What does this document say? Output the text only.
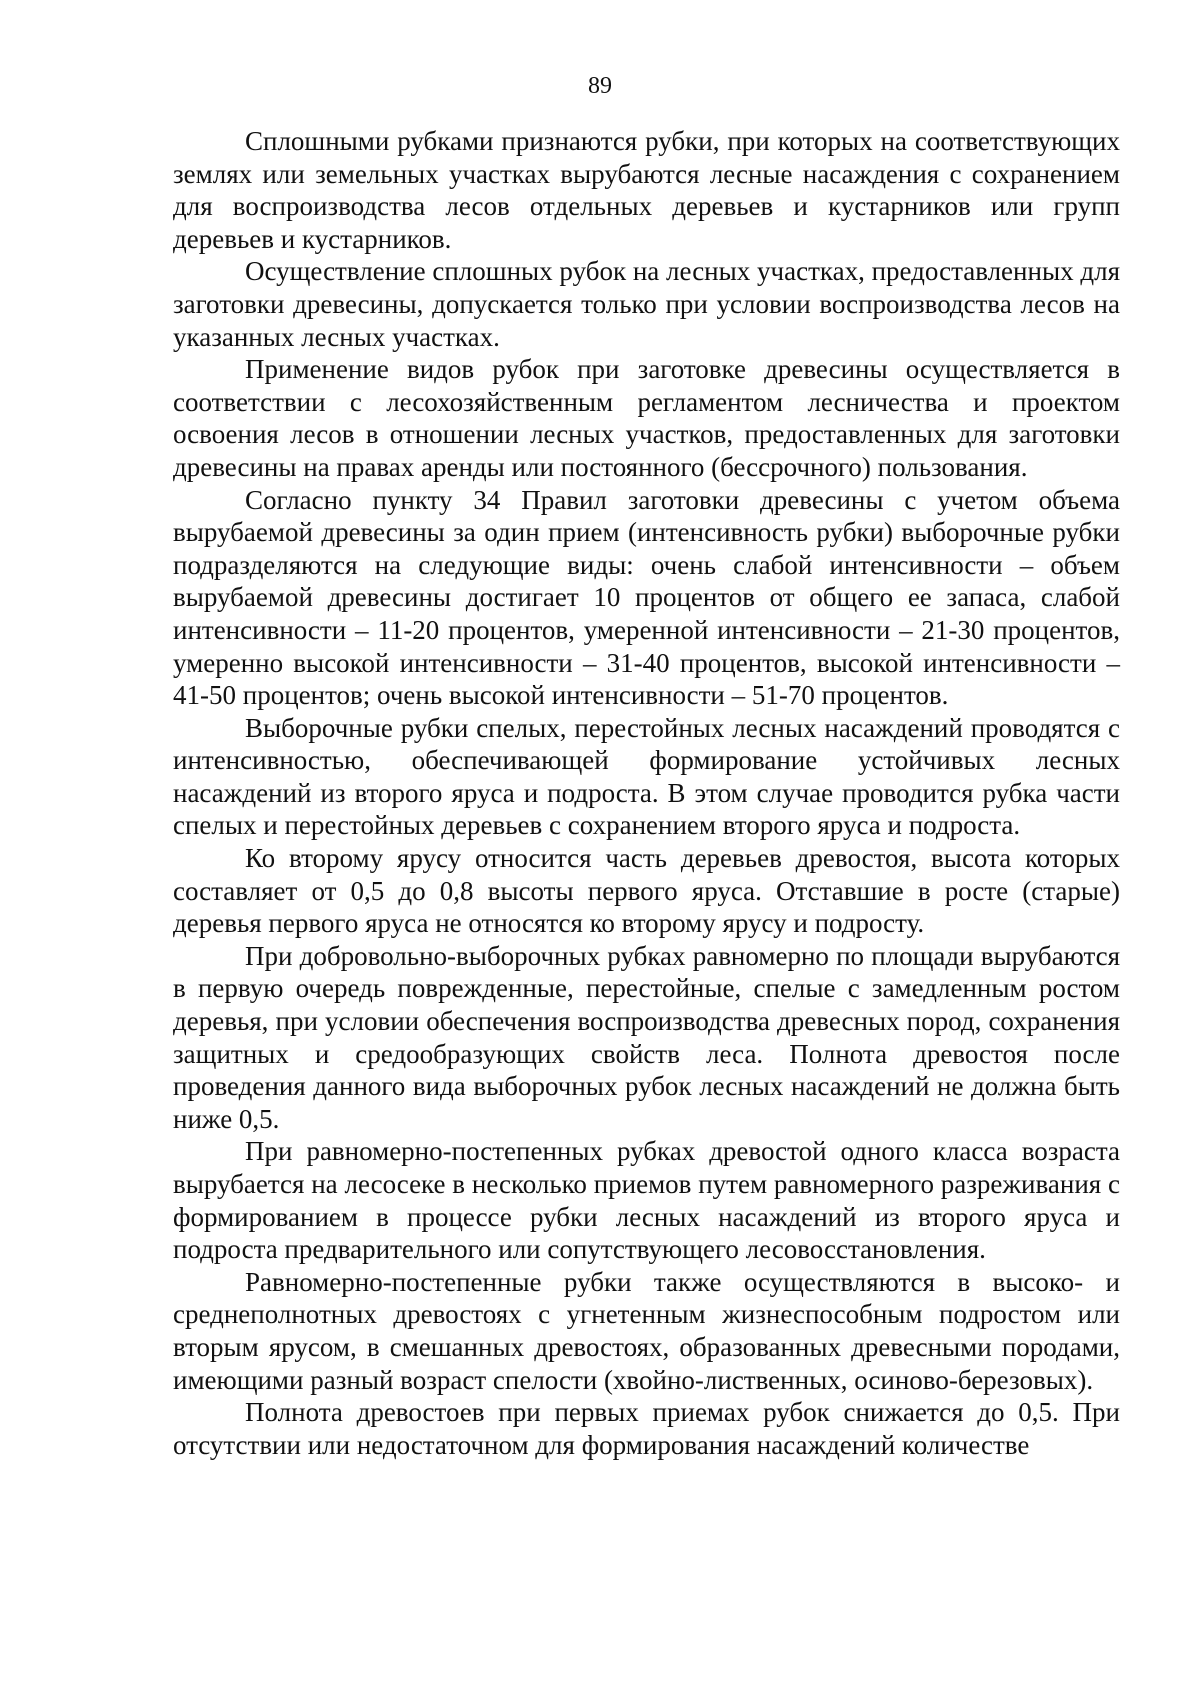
89

Сплошными рубками признаются рубки, при которых на соответствующих землях или земельных участках вырубаются лесные насаждения с сохранением для воспроизводства лесов отдельных деревьев и кустарников или групп деревьев и кустарников.

Осуществление сплошных рубок на лесных участках, предоставленных для заготовки древесины, допускается только при условии воспроизводства лесов на указанных лесных участках.

Применение видов рубок при заготовке древесины осуществляется в соответствии с лесохозяйственным регламентом лесничества и проектом освоения лесов в отношении лесных участков, предоставленных для заготовки древесины на правах аренды или постоянного (бессрочного) пользования.

Согласно пункту 34 Правил заготовки древесины с учетом объема вырубаемой древесины за один прием (интенсивность рубки) выборочные рубки подразделяются на следующие виды: очень слабой интенсивности – объем вырубаемой древесины достигает 10 процентов от общего ее запаса, слабой интенсивности – 11-20 процентов, умеренной интенсивности – 21-30 процентов, умеренно высокой интенсивности – 31-40 процентов, высокой интенсивности – 41-50 процентов; очень высокой интенсивности – 51-70 процентов.

Выборочные рубки спелых, перестойных лесных насаждений проводятся с интенсивностью, обеспечивающей формирование устойчивых лесных насаждений из второго яруса и подроста. В этом случае проводится рубка части спелых и перестойных деревьев с сохранением второго яруса и подроста.

Ко второму ярусу относится часть деревьев древостоя, высота которых составляет от 0,5 до 0,8 высоты первого яруса. Отставшие в росте (старые) деревья первого яруса не относятся ко второму ярусу и подросту.

При добровольно-выборочных рубках равномерно по площади вырубаются в первую очередь поврежденные, перестойные, спелые с замедленным ростом деревья, при условии обеспечения воспроизводства древесных пород, сохранения защитных и средообразующих свойств леса. Полнота древостоя после проведения данного вида выборочных рубок лесных насаждений не должна быть ниже 0,5.

При равномерно-постепенных рубках древостой одного класса возраста вырубается на лесосеке в несколько приемов путем равномерного разреживания с формированием в процессе рубки лесных насаждений из второго яруса и подроста предварительного или сопутствующего лесовосстановления.

Равномерно-постепенные рубки также осуществляются в высоко- и среднеполнотных древостоях с угнетенным жизнеспособным подростом или вторым ярусом, в смешанных древостоях, образованных древесными породами, имеющими разный возраст спелости (хвойно-лиственных, осиново-березовых).

Полнота древостоев при первых приемах рубок снижается до 0,5. При отсутствии или недостаточном для формирования насаждений количестве
